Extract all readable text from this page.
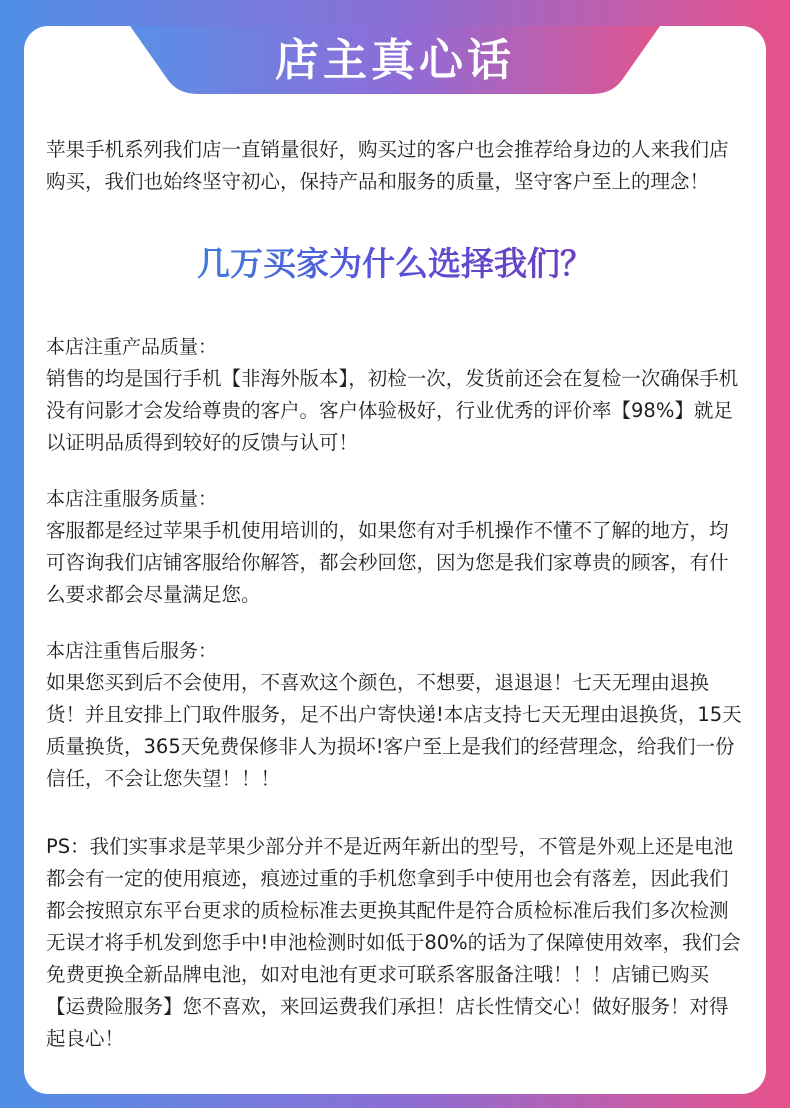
店主真心话

苹果手机系列我们店一直销量很好，购买过的客户也会推荐给身边的人来我们店购买，我们也始终坚守初心，保持产品和服务的质量，坚守客户至上的理念！

几万买家为什么选择我们？

本店注重产品质量：

销售的均是国行手机【非海外版本】，初检一次，发货前还会在复检一次确保手机没有问影才会发给尊贵的客户。客户体验极好，行业优秀的评价率【98%】就足以证明品质得到较好的反馈与认可！

本店注重服务质量：

客服都是经过苹果手机使用培训的，如果您有对手机操作不懂不了解的地方，均可咨询我们店铺客服给你解答，都会秒回您，因为您是我们家尊贵的顾客，有什么要求都会尽量满足您。

本店注重售后服务：

如果您买到后不会使用，不喜欢这个颜色，不想要，退退退！七天无理由退换货！并且安排上门取件服务，足不出户寄快递!本店支持七天无理由退换货，15天质量换货，365天免费保修非人为损坏!客户至上是我们的经营理念，给我们一份信任，不会让您失望！！！

PS：我们实事求是苹果少部分并不是近两年新出的型号，不管是外观上还是电池都会有一定的使用痕迹，痕迹过重的手机您拿到手中使用也会有落差，因此我们都会按照京东平台更求的质检标准去更换其配件是符合质检标准后我们多次检测无误才将手机发到您手中!申池检测时如低于80%的话为了保障使用效率，我们会免费更换全新品牌电池，如对电池有更求可联系客服备注哦！！！店铺已购买【运费险服务】您不喜欢，来回运费我们承担！店长性情交心！做好服务！对得起良心！
